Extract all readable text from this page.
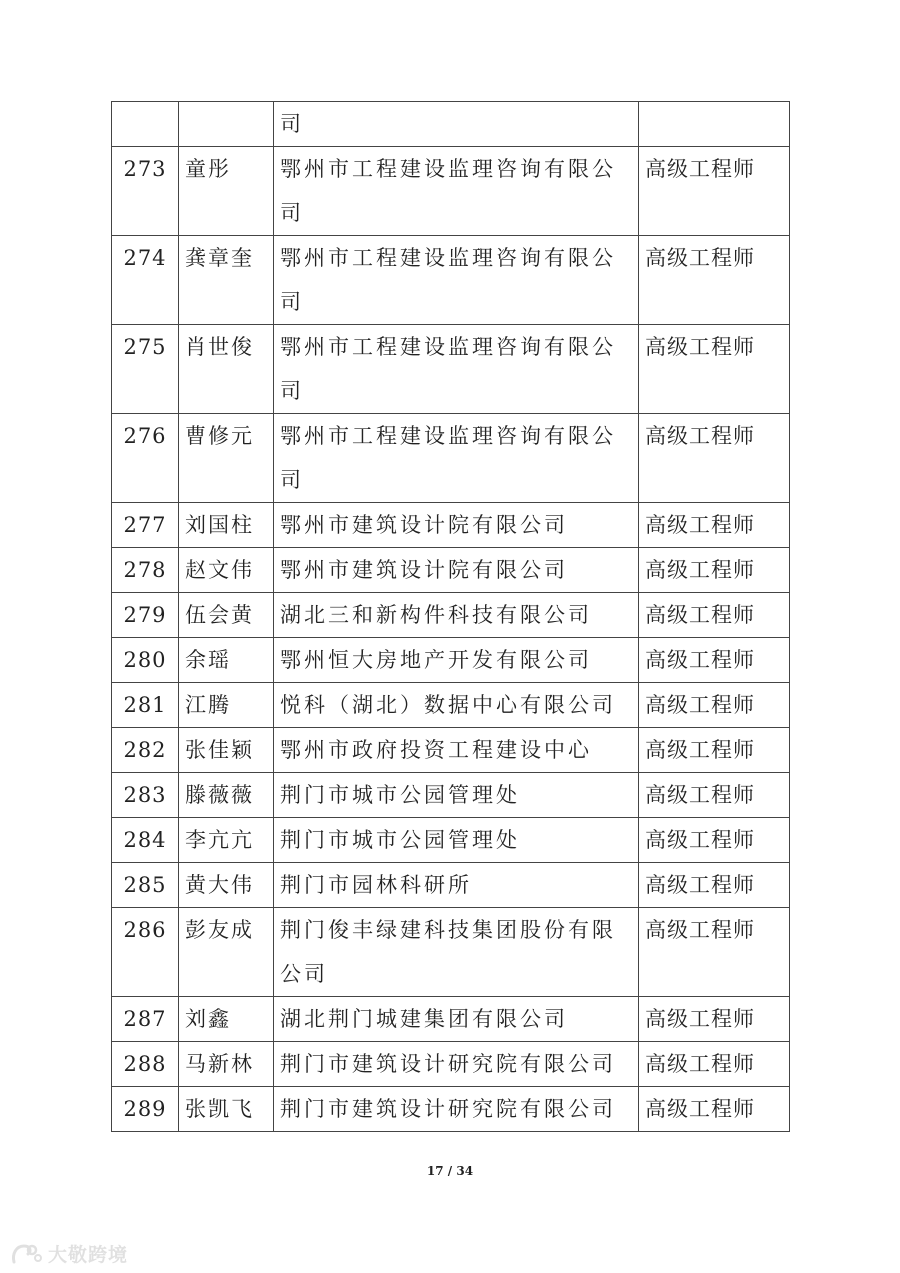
		司	
273	童彤	鄂州市工程建设监理咨询有限公司	高级工程师
274	龚章奎	鄂州市工程建设监理咨询有限公司	高级工程师
275	肖世俊	鄂州市工程建设监理咨询有限公司	高级工程师
276	曹修元	鄂州市工程建设监理咨询有限公司	高级工程师
277	刘国柱	鄂州市建筑设计院有限公司	高级工程师
278	赵文伟	鄂州市建筑设计院有限公司	高级工程师
279	伍会黄	湖北三和新构件科技有限公司	高级工程师
280	余瑶	鄂州恒大房地产开发有限公司	高级工程师
281	江腾	悦科（湖北）数据中心有限公司	高级工程师
282	张佳颖	鄂州市政府投资工程建设中心	高级工程师
283	滕薇薇	荆门市城市公园管理处	高级工程师
284	李亢亢	荆门市城市公园管理处	高级工程师
285	黄大伟	荆门市园林科研所	高级工程师
286	彭友成	荆门俊丰绿建科技集团股份有限公司	高级工程师
287	刘鑫	湖北荆门城建集团有限公司	高级工程师
288	马新林	荆门市建筑设计研究院有限公司	高级工程师
289	张凯飞	荆门市建筑设计研究院有限公司	高级工程师
17 / 34
大敬跨境
